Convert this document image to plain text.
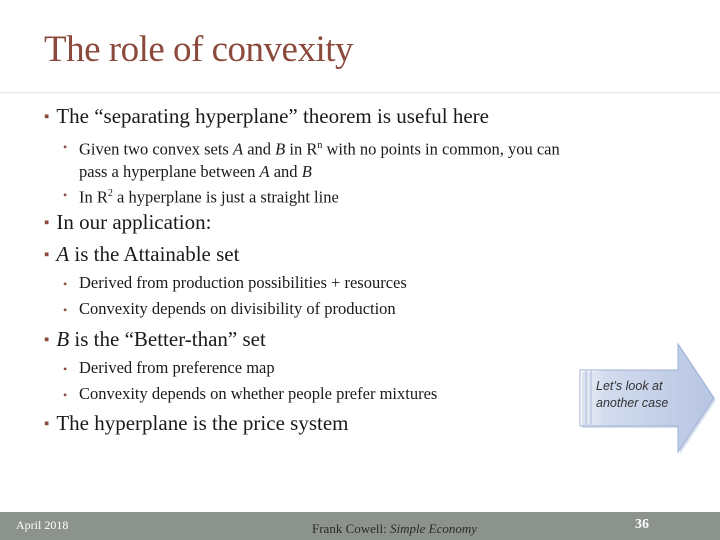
The role of convexity
▪ The “separating hyperplane” theorem is useful here
• Given two convex sets A and B in $R^n$ with no points in common, you can
pass a hyperplane between A and B
• In $R^2$ a hyperplane is just a straight line
▪ In our application:
▪ A is the Attainable set
• Derived from production possibilities + resources
• Convexity depends on divisibility of production
▪ B is the “Better-than” set
• Derived from preference map
• Convexity depends on whether people prefer mixtures
▪ The hyperplane is the price system
Let’s look at
another case
April 2018	Frank Cowell: Simple Economy	36
